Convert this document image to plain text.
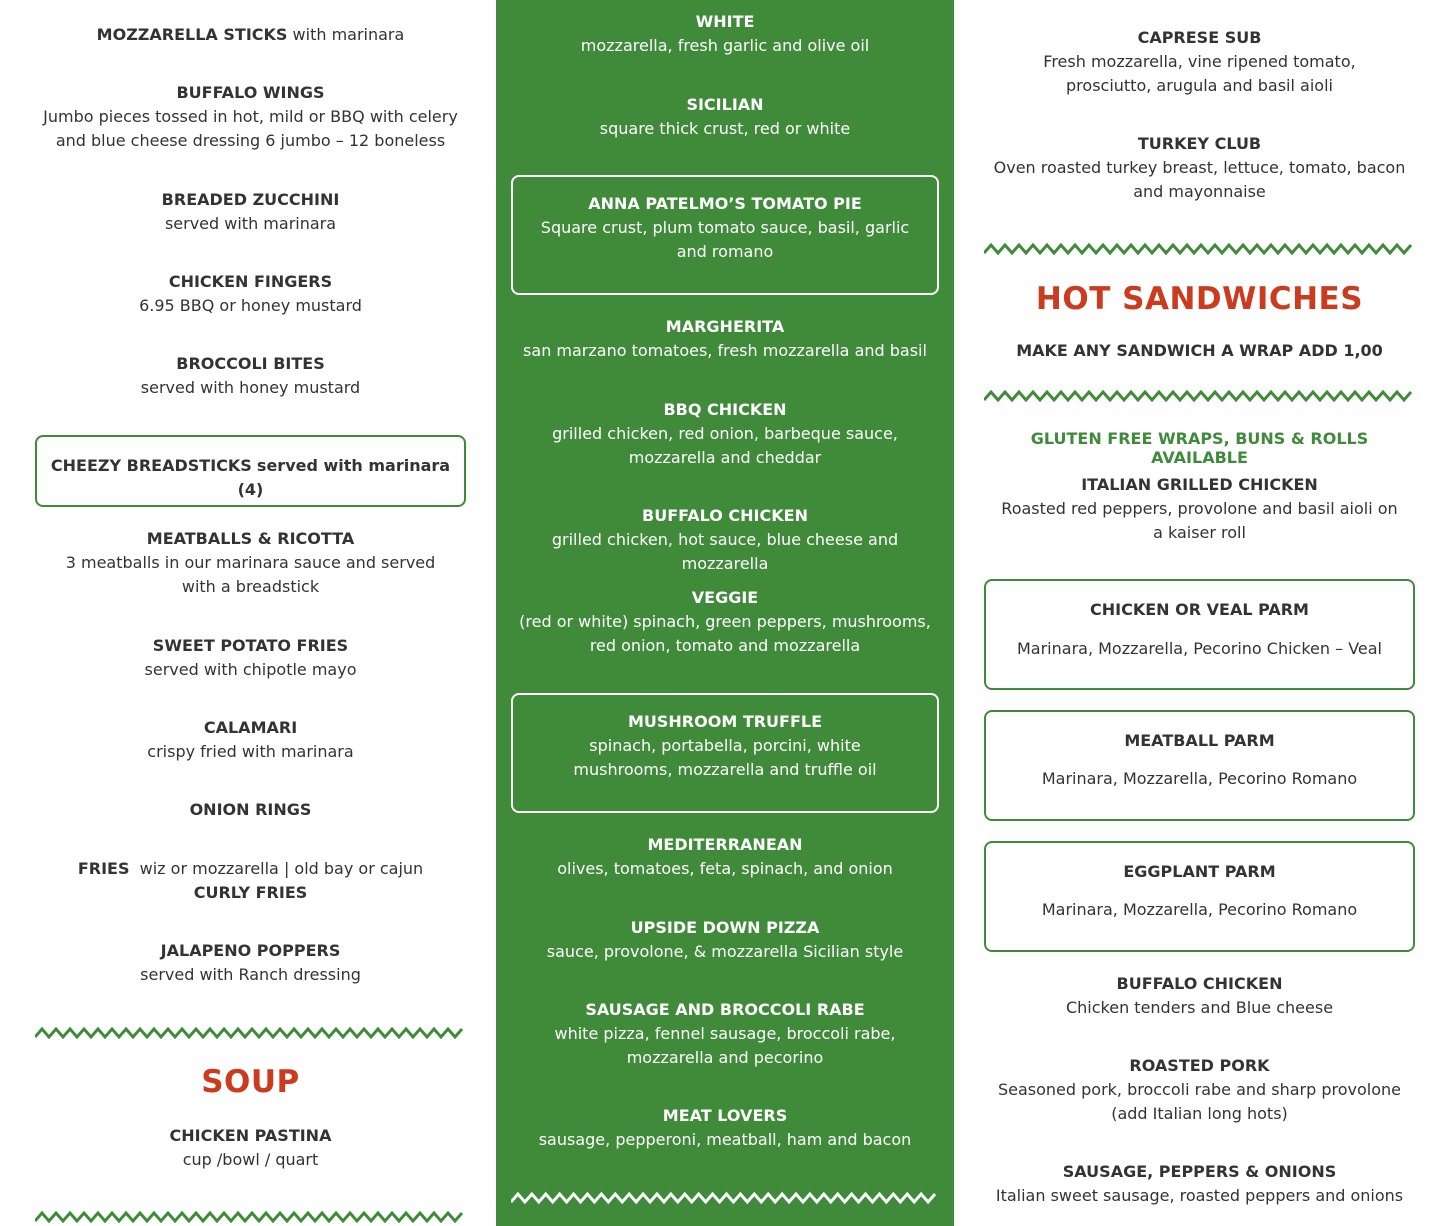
MOZZARELLA STICKS with marinara
BUFFALO WINGS
Jumbo pieces tossed in hot, mild or BBQ with celery and blue cheese dressing 6 jumbo – 12 boneless
BREADED ZUCCHINI
served with marinara
CHICKEN FINGERS
6.95 BBQ or honey mustard
BROCCOLI BITES
served with honey mustard
CHEEZY BREADSTICKS served with marinara (4)
MEATBALLS & RICOTTA
3 meatballs in our marinara sauce and served with a breadstick
SWEET POTATO FRIES
served with chipotle mayo
CALAMARI
crispy fried with marinara
ONION RINGS
FRIES wiz or mozzarella | old bay or cajun
CURLY FRIES
JALAPENO POPPERS
served with Ranch dressing
SOUP
CHICKEN PASTINA
cup /bowl / quart
WHITE
mozzarella, fresh garlic and olive oil
SICILIAN
square thick crust, red or white
ANNA PATELMO’S TOMATO PIE
Square crust, plum tomato sauce, basil, garlic and romano
MARGHERITA
san marzano tomatoes, fresh mozzarella and basil
BBQ CHICKEN
grilled chicken, red onion, barbeque sauce, mozzarella and cheddar
BUFFALO CHICKEN
grilled chicken, hot sauce, blue cheese and mozzarella
VEGGIE
(red or white) spinach, green peppers, mushrooms, red onion, tomato and mozzarella
MUSHROOM TRUFFLE
spinach, portabella, porcini, white mushrooms, mozzarella and truffle oil
MEDITERRANEAN
olives, tomatoes, feta, spinach, and onion
UPSIDE DOWN PIZZA
sauce, provolone, & mozzarella Sicilian style
SAUSAGE AND BROCCOLI RABE
white pizza, fennel sausage, broccoli rabe, mozzarella and pecorino
MEAT LOVERS
sausage, pepperoni, meatball, ham and bacon
CAPRESE SUB
Fresh mozzarella, vine ripened tomato, prosciutto, arugula and basil aioli
TURKEY CLUB
Oven roasted turkey breast, lettuce, tomato, bacon and mayonnaise
HOT SANDWICHES
MAKE ANY SANDWICH A WRAP ADD 1,00
GLUTEN FREE WRAPS, BUNS & ROLLS AVAILABLE
ITALIAN GRILLED CHICKEN
Roasted red peppers, provolone and basil aioli on a kaiser roll
CHICKEN OR VEAL PARM
Marinara, Mozzarella, Pecorino Chicken – Veal
MEATBALL PARM
Marinara, Mozzarella, Pecorino Romano
EGGPLANT PARM
Marinara, Mozzarella, Pecorino Romano
BUFFALO CHICKEN
Chicken tenders and Blue cheese
ROASTED PORK
Seasoned pork, broccoli rabe and sharp provolone (add Italian long hots)
SAUSAGE, PEPPERS & ONIONS
Italian sweet sausage, roasted peppers and onions
